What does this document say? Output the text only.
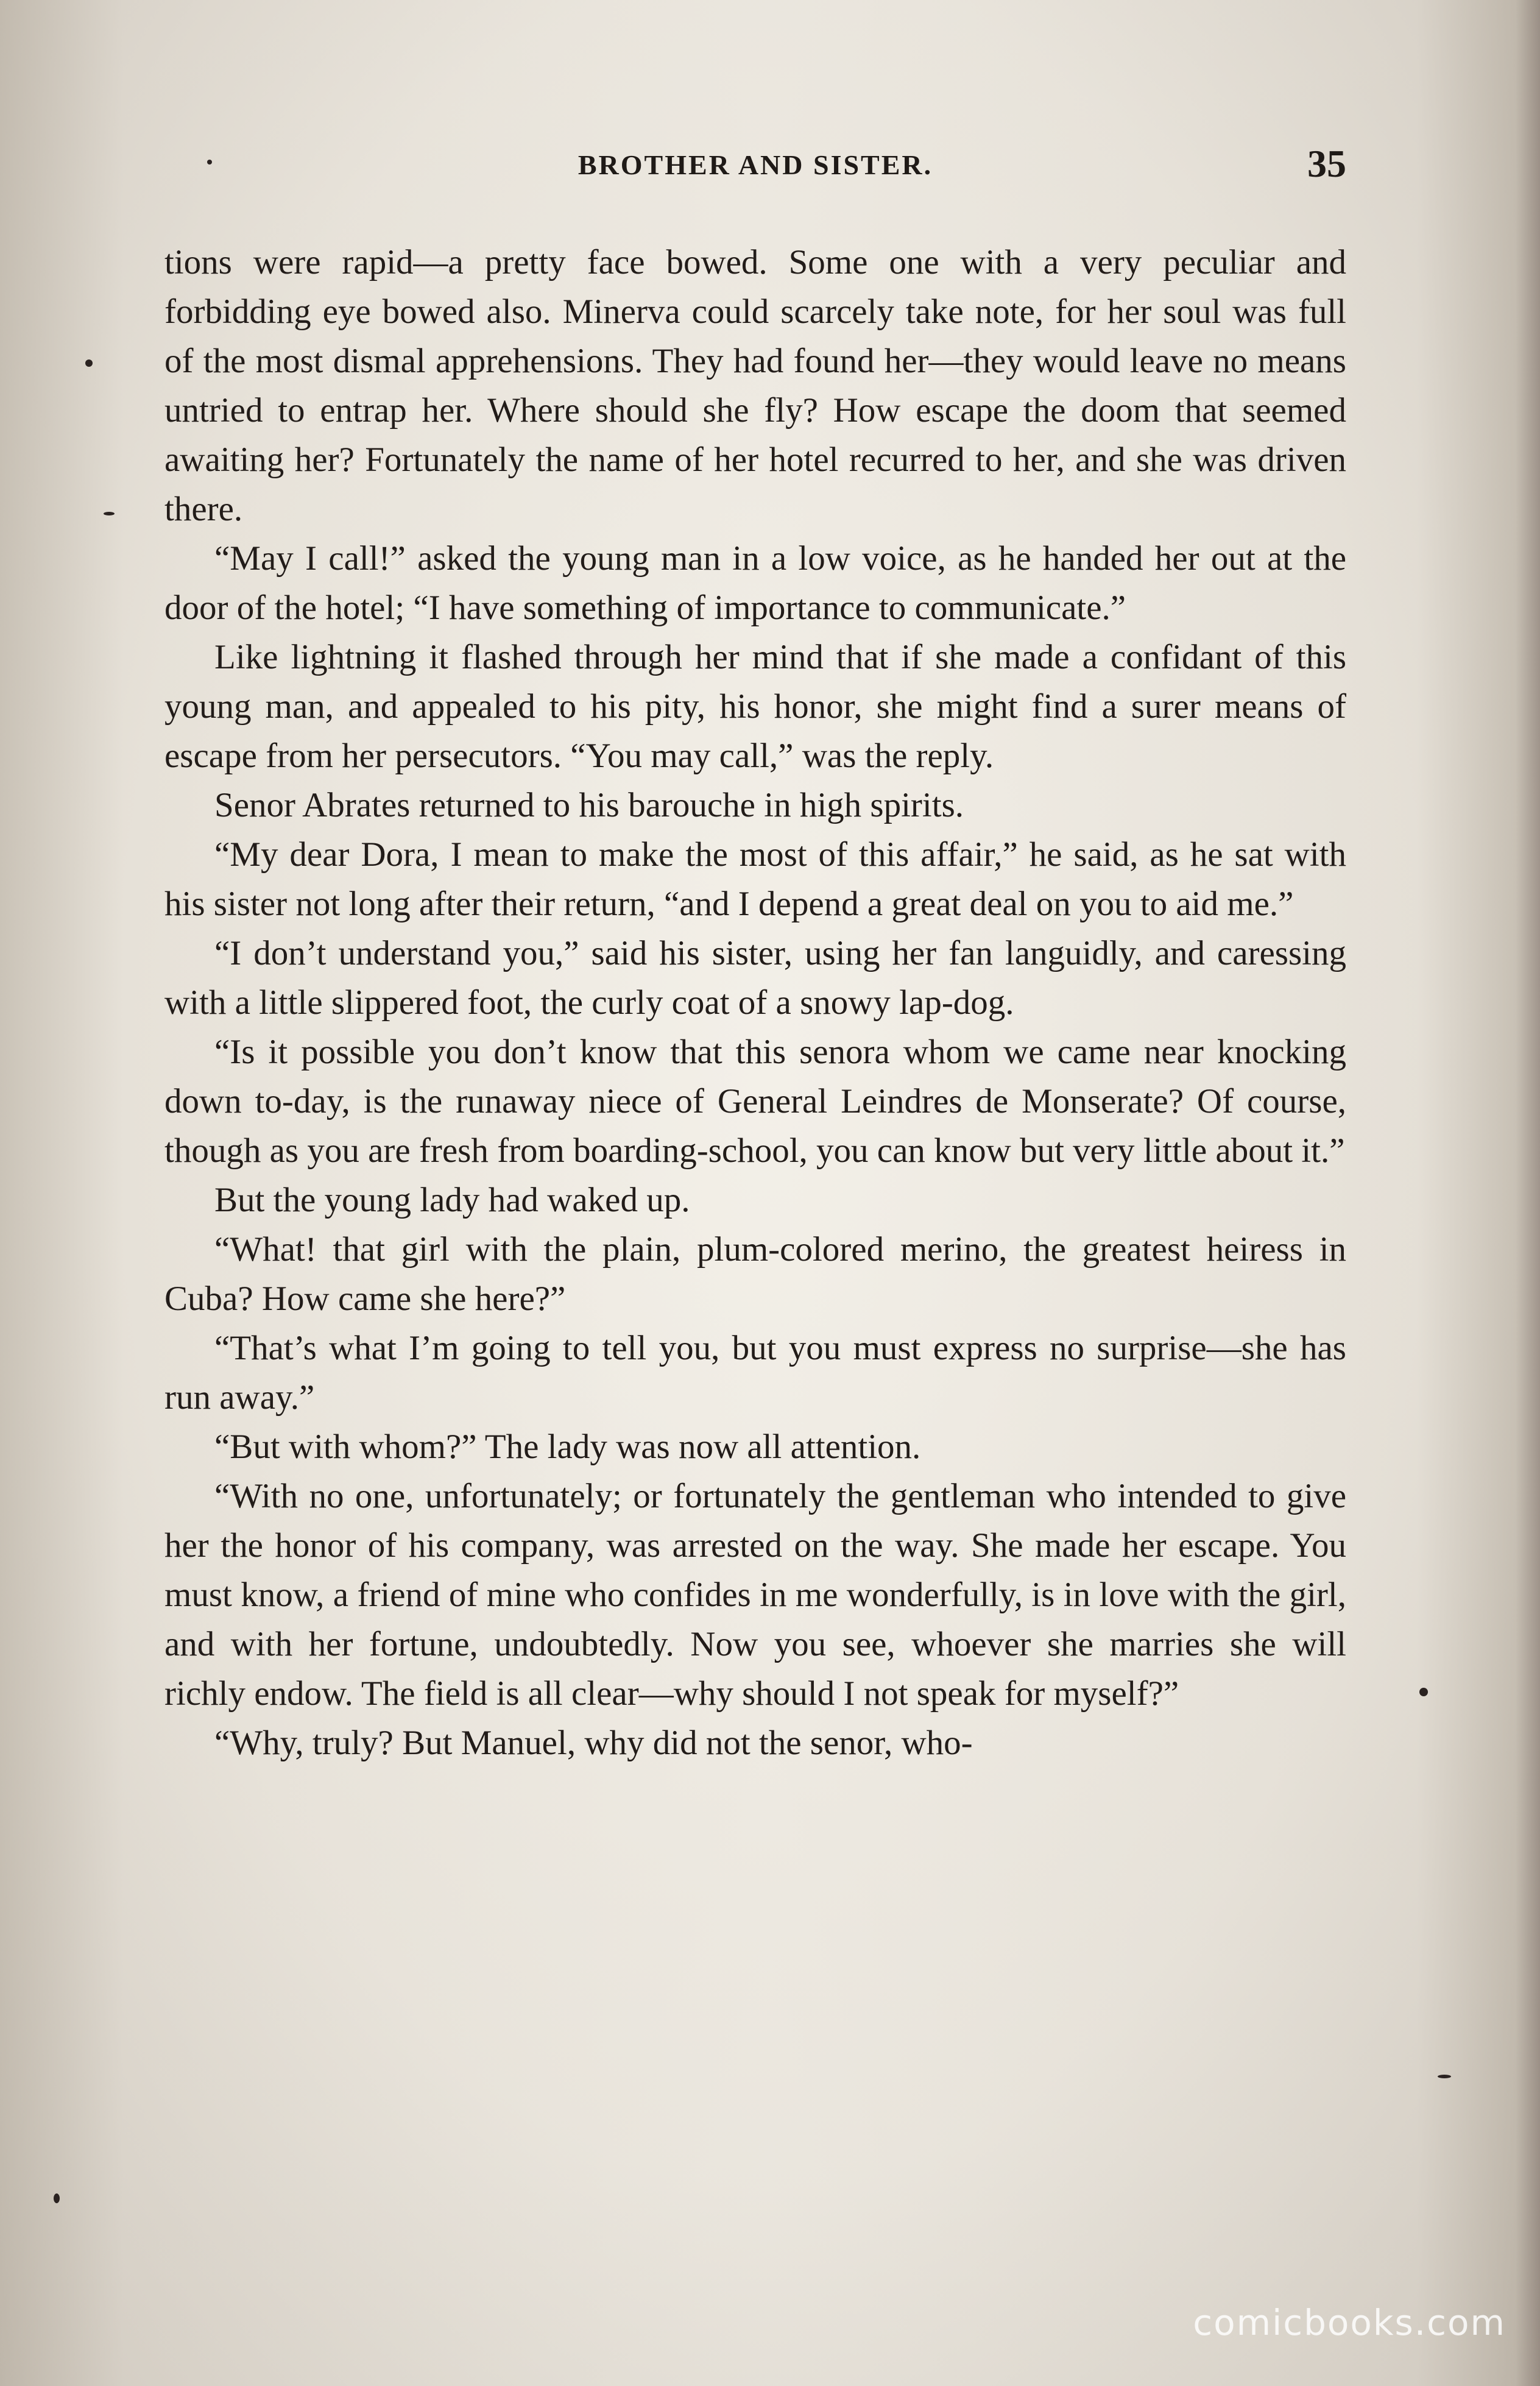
BROTHER AND SISTER.	35

tions were rapid—a pretty face bowed. Some one with a very peculiar and forbidding eye bowed also. Minerva could scarcely take note, for her soul was full of the most dismal apprehensions. They had found her—they would leave no means untried to entrap her. Where should she fly? How escape the doom that seemed awaiting her? Fortunately the name of her hotel recurred to her, and she was driven there.

“May I call!” asked the young man in a low voice, as he handed her out at the door of the hotel; “I have something of importance to communicate.”

Like lightning it flashed through her mind that if she made a confidant of this young man, and appealed to his pity, his honor, she might find a surer means of escape from her persecutors. “You may call,” was the reply.

Senor Abrates returned to his barouche in high spirits.

“My dear Dora, I mean to make the most of this affair,” he said, as he sat with his sister not long after their return, “and I depend a great deal on you to aid me.”

“I don’t understand you,” said his sister, using her fan languidly, and caressing with a little slippered foot, the curly coat of a snowy lap-dog.

“Is it possible you don’t know that this senora whom we came near knocking down to-day, is the runaway niece of General Leindres de Monserate? Of course, though as you are fresh from boarding-school, you can know but very little about it.”

But the young lady had waked up.

“What! that girl with the plain, plum-colored merino, the greatest heiress in Cuba? How came she here?”

“That’s what I’m going to tell you, but you must express no surprise—she has run away.”

“But with whom?” The lady was now all attention.

“With no one, unfortunately; or fortunately the gentleman who intended to give her the honor of his company, was arrested on the way. She made her escape. You must know, a friend of mine who confides in me wonderfully, is in love with the girl, and with her fortune, undoubtedly. Now you see, whoever she marries she will richly endow. The field is all clear—why should I not speak for myself?”

“Why, truly? But Manuel, why did not the senor, who-

comicbooks.com
